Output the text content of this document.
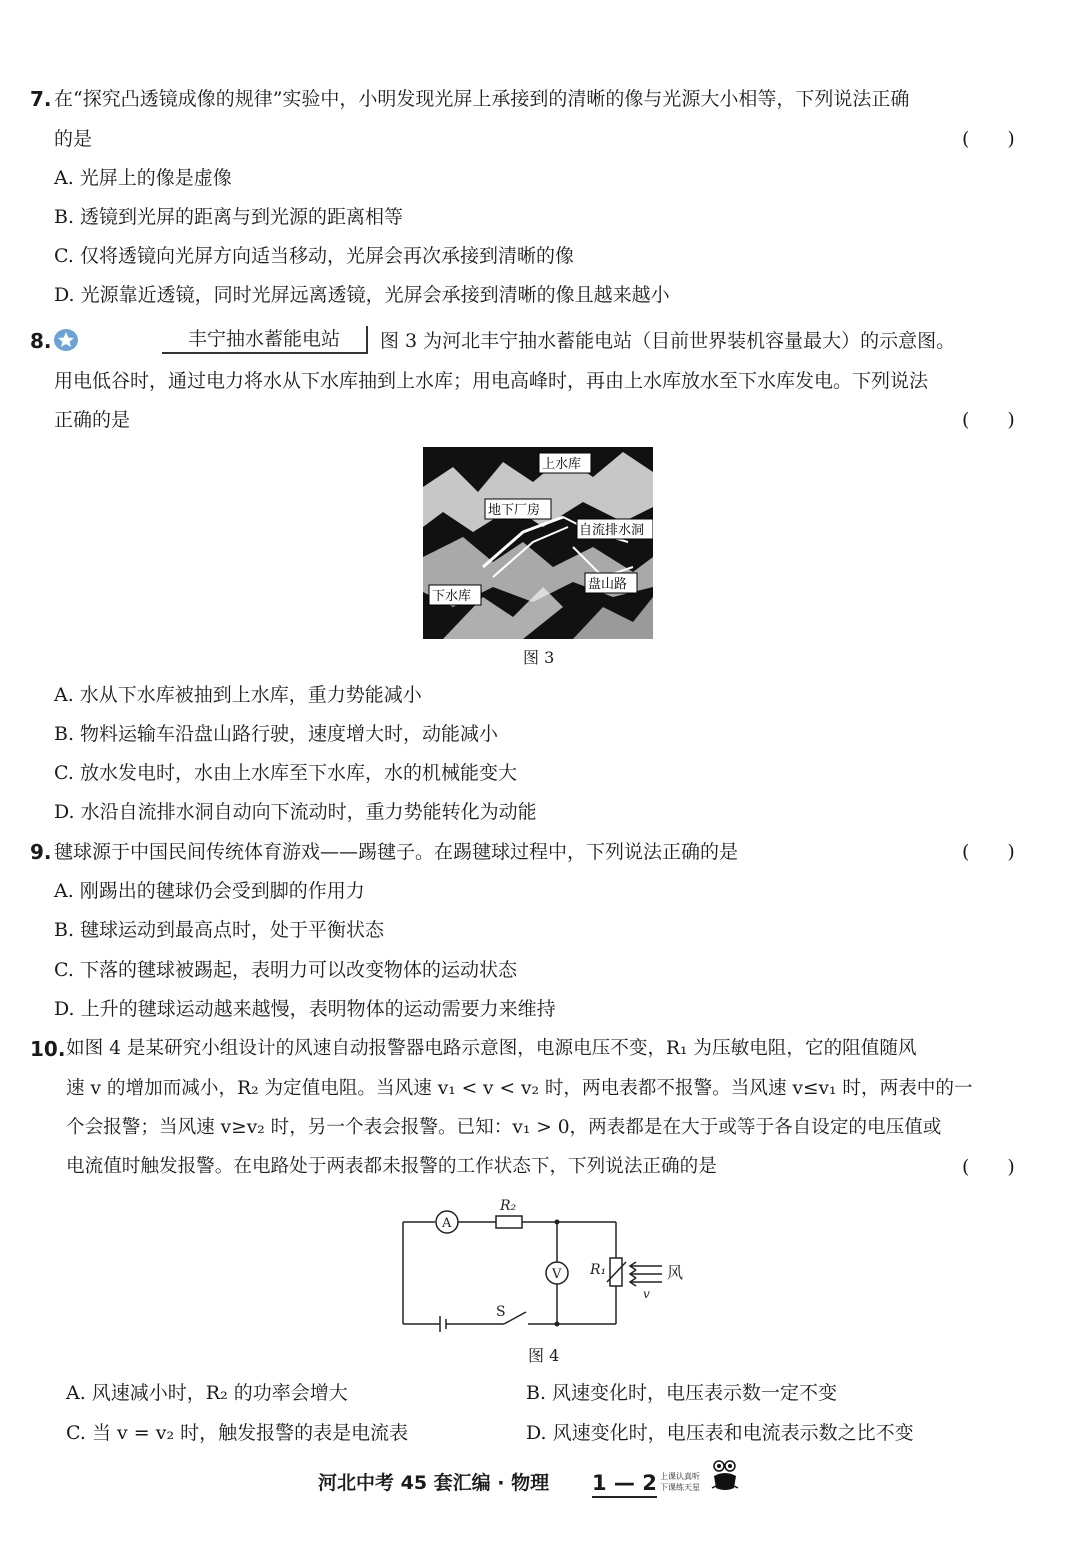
7. 在“探究凸透镜成像的规律”实验中，小明发现光屏上承接到的清晰的像与光源大小相等，下列说法正确
的是	(　　)
A. 光屏上的像是虚像
B. 透镜到光屏的距离与到光源的距离相等
C. 仅将透镜向光屏方向适当移动，光屏会再次承接到清晰的像
D. 光源靠近透镜，同时光屏远离透镜，光屏会承接到清晰的像且越来越小
8.	丰宁抽水蓄能电站	图 3 为河北丰宁抽水蓄能电站（目前世界装机容量最大）的示意图。
用电低谷时，通过电力将水从下水库抽到上水库；用电高峰时，再由上水库放水至下水库发电。下列说法
正确的是	(　　)
上水库
地下厂房
自流排水洞
盘山路
下水库
图 3
A. 水从下水库被抽到上水库，重力势能减小
B. 物料运输车沿盘山路行驶，速度增大时，动能减小
C. 放水发电时，水由上水库至下水库，水的机械能变大
D. 水沿自流排水洞自动向下流动时，重力势能转化为动能
9. 毽球源于中国民间传统体育游戏——踢毽子。在踢毽球过程中，下列说法正确的是	(　　)
A. 刚踢出的毽球仍会受到脚的作用力
B. 毽球运动到最高点时，处于平衡状态
C. 下落的毽球被踢起，表明力可以改变物体的运动状态
D. 上升的毽球运动越来越慢，表明物体的运动需要力来维持
10. 如图 4 是某研究小组设计的风速自动报警器电路示意图，电源电压不变，R₁ 为压敏电阻，它的阻值随风
速 v 的增加而减小，R₂ 为定值电阻。当风速 v₁ < v < v₂ 时，两电表都不报警。当风速 v≤v₁ 时，两表中的一
个会报警；当风速 v≥v₂ 时，另一个表会报警。已知：v₁ > 0，两表都是在大于或等于各自设定的电压值或
电流值时触发报警。在电路处于两表都未报警的工作状态下，下列说法正确的是	(　　)
A
V
R₂
R₁
S
风
v
图 4
A. 风速减小时，R₂ 的功率会增大	B. 风速变化时，电压表示数一定不变
C. 当 v = v₂ 时，触发报警的表是电流表	D. 风速变化时，电压表和电流表示数之比不变
河北中考 45 套汇编 · 物理 1 — 2 上课认真听
下课练天星
